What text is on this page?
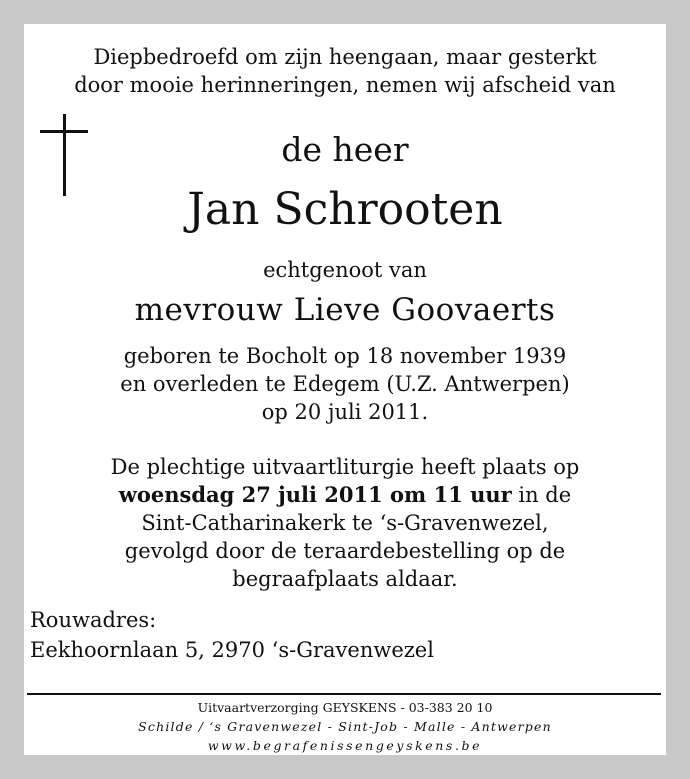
Diepbedroefd om zijn heengaan, maar gesterkt
door mooie herinneringen, nemen wij afscheid van
de heer
Jan Schrooten
echtgenoot van
mevrouw Lieve Goovaerts
geboren te Bocholt op 18 november 1939
en overleden te Edegem (U.Z. Antwerpen)
op 20 juli 2011.
De plechtige uitvaartliturgie heeft plaats op
woensdag 27 juli 2011 om 11 uur in de
Sint-Catharinakerk te ‘s-Gravenwezel,
gevolgd door de teraardebestelling op de
begraafplaats aldaar.
Rouwadres:
Eekhoornlaan 5, 2970 ‘s-Gravenwezel
Uitvaartverzorging GEYSKENS - 03-383 20 10
Schilde / ‘s Gravenwezel - Sint-Job - Malle - Antwerpen
www.begrafenissengeyskens.be
